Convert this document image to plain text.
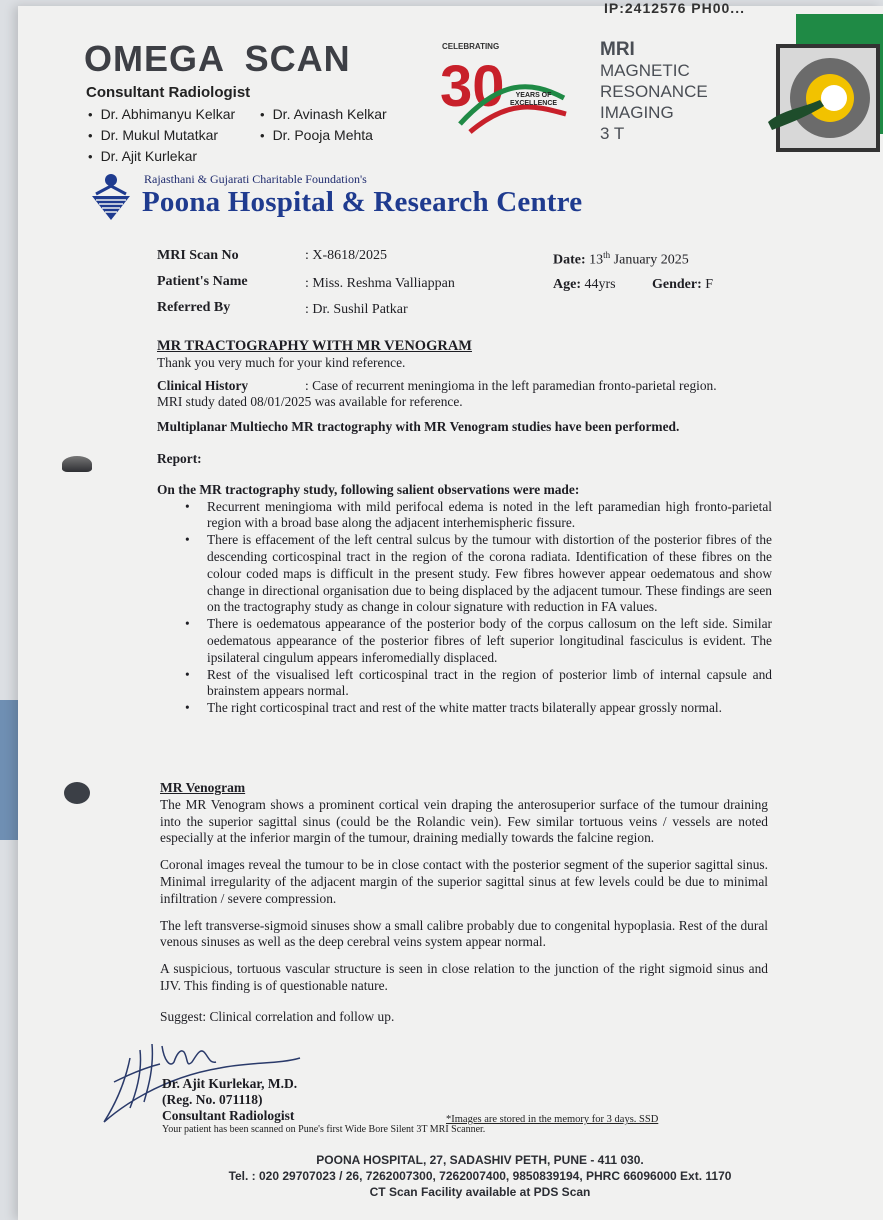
IP:2412576 PH00...
OMEGA SCAN
Consultant Radiologist
• Dr. Abhimanyu Kelkar	• Dr. Avinash Kelkar
• Dr. Mukul Mutatkar	• Dr. Pooja Mehta
• Dr. Ajit Kurlekar
CELEBRATING
30	YEARS OF
EXCELLENCE
MRI
MAGNETIC
RESONANCE
IMAGING
3 T
Rajasthani & Gujarati Charitable Foundation's
Poona Hospital & Research Centre
MRI Scan No	: X-8618/2025
Patient's Name	: Miss. Reshma Valliappan
Referred By	: Dr. Sushil Patkar
Date: 13th January 2025
Age: 44yrs	Gender: F
MR TRACTOGRAPHY WITH MR VENOGRAM
Thank you very much for your kind reference.
Clinical History	: Case of recurrent meningioma in the left paramedian fronto-parietal region.
MRI study dated 08/01/2025 was available for reference.
Multiplanar Multiecho MR tractography with MR Venogram studies have been performed.
Report:
On the MR tractography study, following salient observations were made:
• Recurrent meningioma with mild perifocal edema is noted in the left paramedian high fronto-parietal region with a broad base along the adjacent interhemispheric fissure.
• There is effacement of the left central sulcus by the tumour with distortion of the posterior fibres of the descending corticospinal tract in the region of the corona radiata. Identification of these fibres on the colour coded maps is difficult in the present study. Few fibres however appear oedematous and show change in directional organisation due to being displaced by the adjacent tumour. These findings are seen on the tractography study as change in colour signature with reduction in FA values.
• There is oedematous appearance of the posterior body of the corpus callosum on the left side. Similar oedematous appearance of the posterior fibres of left superior longitudinal fasciculus is evident. The ipsilateral cingulum appears inferomedially displaced.
• Rest of the visualised left corticospinal tract in the region of posterior limb of internal capsule and brainstem appears normal.
• The right corticospinal tract and rest of the white matter tracts bilaterally appear grossly normal.
MR Venogram

The MR Venogram shows a prominent cortical vein draping the anterosuperior surface of the tumour draining into the superior sagittal sinus (could be the Rolandic vein). Few similar tortuous veins / vessels are noted especially at the inferior margin of the tumour, draining medially towards the falcine region.

Coronal images reveal the tumour to be in close contact with the posterior segment of the superior sagittal sinus. Minimal irregularity of the adjacent margin of the superior sagittal sinus at few levels could be due to minimal infiltration / severe compression.

The left transverse-sigmoid sinuses show a small calibre probably due to congenital hypoplasia. Rest of the dural venous sinuses as well as the deep cerebral veins system appear normal.

A suspicious, tortuous vascular structure is seen in close relation to the junction of the right sigmoid sinus and IJV. This finding is of questionable nature.

Suggest: Clinical correlation and follow up.

Dr. Ajit Kurlekar, M.D.
(Reg. No. 071118)
Consultant Radiologist	*Images are stored in the memory for 3 days. SSD
Your patient has been scanned on Pune's first Wide Bore Silent 3T MRI Scanner.
POONA HOSPITAL, 27, SADASHIV PETH, PUNE - 411 030.
Tel. : 020 29707023 / 26, 7262007300, 7262007400, 9850839194, PHRC 66096000 Ext. 1170
CT Scan Facility available at PDS Scan
